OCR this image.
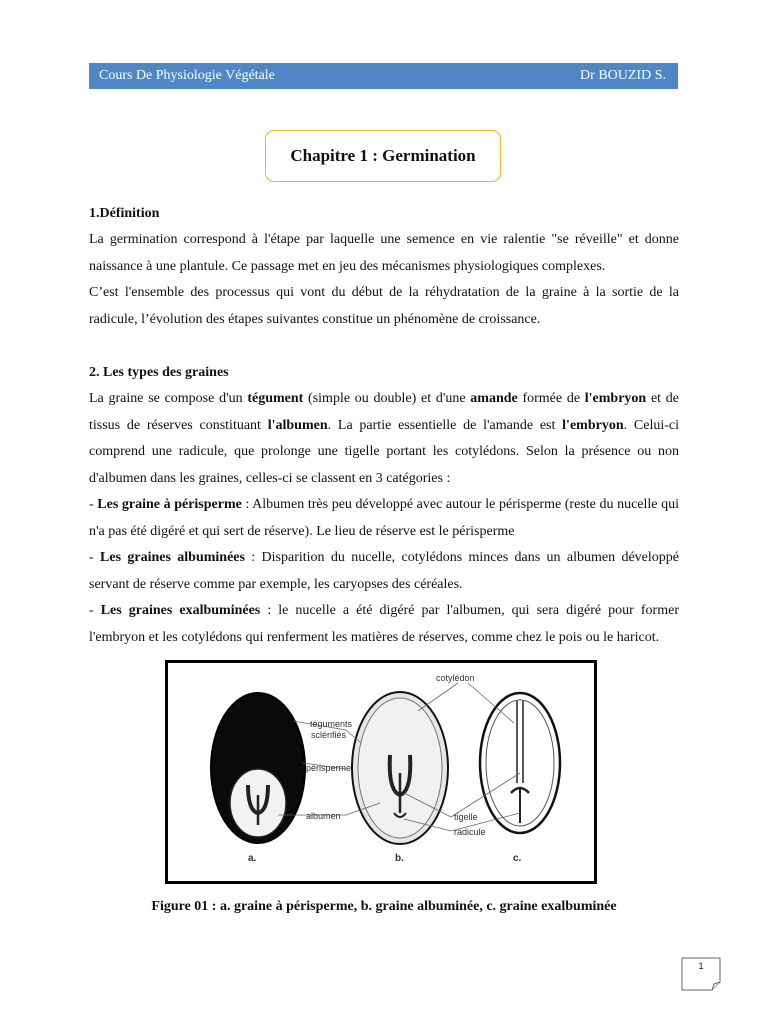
Cours De Physiologie Végétale	Dr BOUZID S.
Chapitre 1 : Germination

1.Définition

La germination correspond à l'étape par laquelle une semence en vie ralentie "se réveille" et donne naissance à une plantule. Ce passage met en jeu des mécanismes physiologiques complexes.

C’est l'ensemble des processus qui vont du début de la réhydratation de la graine à la sortie de la radicule, l’évolution des étapes suivantes constitue un phénomène de croissance.

2. Les types des graines

La graine se compose d'un tégument (simple ou double) et d'une amande formée de l'embryon et de tissus de réserves constituant l'albumen. La partie essentielle de l'amande est l'embryon. Celui-ci comprend une radicule, que prolonge une tigelle portant les cotylédons. Selon la présence ou non d'albumen dans les graines, celles-ci se classent en 3 catégories :

- Les graine à périsperme : Albumen très peu développé avec autour le périsperme (reste du nucelle qui n'a pas été digéré et qui sert de réserve). Le lieu de réserve est le périsperme

- Les graines albuminées : Disparition du nucelle, cotylédons minces dans un albumen développé servant de réserve comme par exemple, les caryopses des céréales.

- Les graines exalbuminées : le nucelle a été digéré par l'albumen, qui sera digéré pour former l'embryon et les cotylédons qui renferment les matières de réserves, comme chez le pois ou le haricot.

cotylédon
téguments
sclérifiés
périsperme
albumen	tigelle
radicule
a.	b.	c.
Figure 01 : a. graine à périsperme, b. graine albuminée, c. graine exalbuminée
1
